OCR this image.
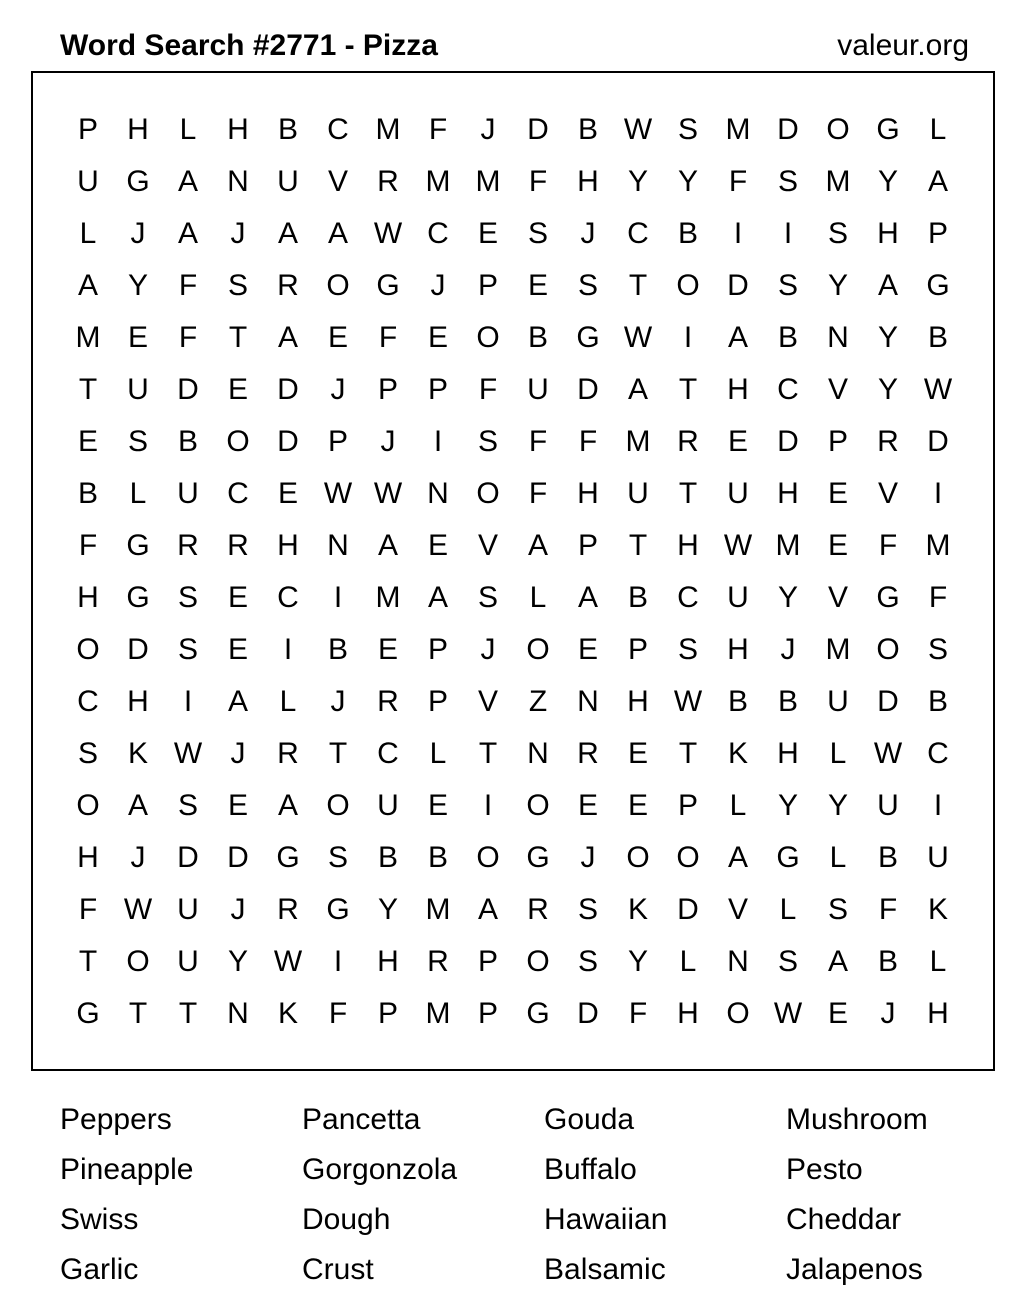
Word Search #2771 - Pizza	valeur.org
P H	L	H B C M F	J	D B W S M D O G L
U G A N U V R M M F	H Y Y	F	S M Y A
L	J	A	J	A A W C E S	J	C B	I	I	S H P
A Y	F	S R O G	J	P E S	T O D S Y A G
M E	F	T	A E	F	E O B G W	I	A B N Y B
T	U D E D	J	P P	F	U D A	T	H C V Y W
E S B O D P	J	I	S	F	F M R E D P R D
B	L	U C E W W N O F	H U	T	U H E V	I
F G R R H N A E V A P	T	H W M E	F M
H G S E C	I	M A S	L	A B C U Y V G F
O D S E	I	B E P	J	O E P S H	J	M O S
C H	I	A	L	J	R P V	Z	N H W B B U D B
S K W J	R	T	C	L	T	N R E	T	K H	L W C
O A S E A O U E	I	O E E P	L	Y Y U	I
H	J	D D G S B B O G	J	O O A G L	B U
F W U	J	R G Y M A R S K D V	L	S	F	K
T O U Y W	I	H R P O S Y	L	N S A B	L
G T	T	N K	F	P M P G D	F	H O W E	J	H
Peppers	Pancetta	Gouda	Mushroom
Pineapple	Gorgonzola	Buffalo	Pesto
Swiss	Dough	Hawaiian	Cheddar
Garlic	Crust	Balsamic	Jalapenos
